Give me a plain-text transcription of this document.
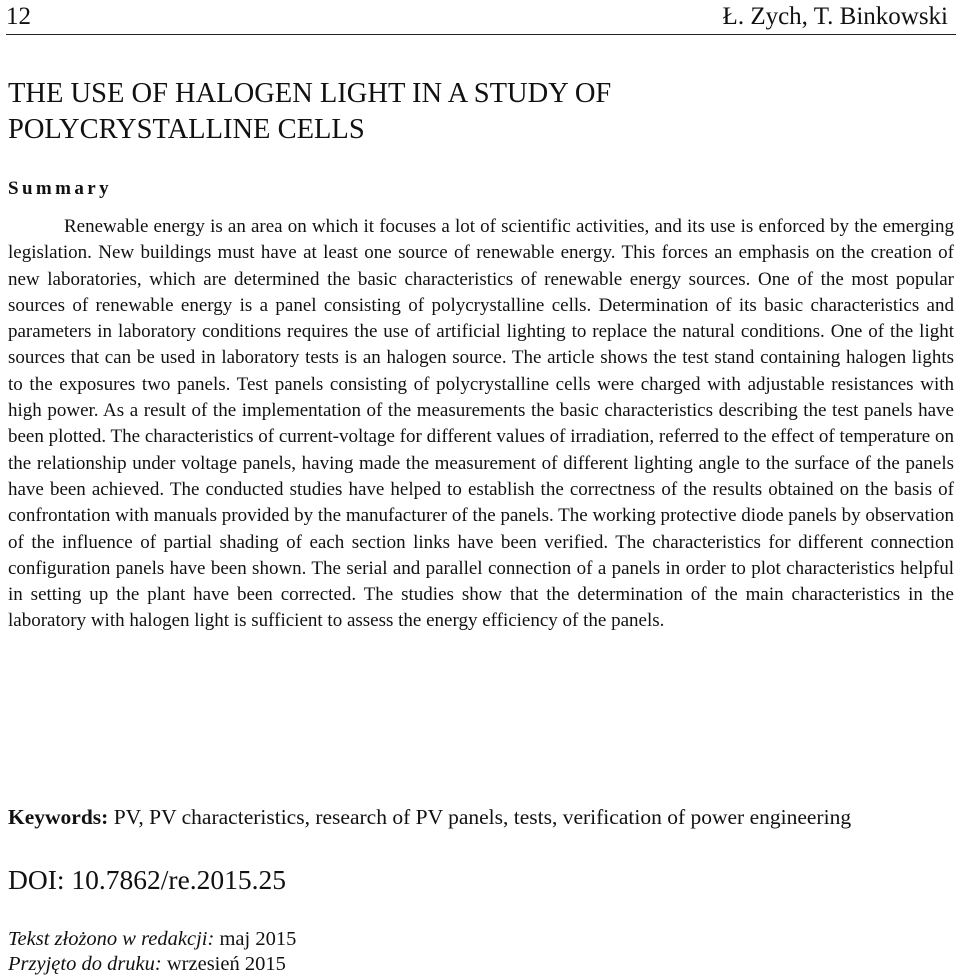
12	Ł. Zych, T. Binkowski
THE USE OF HALOGEN LIGHT IN A STUDY OF
POLYCRYSTALLINE CELLS
Summary

Renewable energy is an area on which it focuses a lot of scientific activities, and its use is enforced by the emerging legislation. New buildings must have at least one source of renewable energy. This forces an emphasis on the creation of new laboratories, which are determined the basic characteristics of renewable energy sources. One of the most popular sources of renewable energy is a panel consisting of polycrystalline cells. Determination of its basic characteristics and parameters in laboratory conditions requires the use of artificial lighting to replace the natural conditions. One of the light sources that can be used in laboratory tests is an halogen source. The article shows the test stand containing halogen lights to the exposures two panels. Test panels consisting of polycrystalline cells were charged with adjustable resistances with high power. As a result of the implementation of the measurements the basic characteristics describing the test panels have been plotted. The characteristics of current-voltage for different values of irradiation, referred to the effect of temperature on the relationship under voltage panels, having made the measurement of different lighting angle to the surface of the panels have been achieved. The conducted studies have helped to establish the correctness of the results obtained on the basis of confrontation with manuals provided by the manufacturer of the panels. The working protective diode panels by observation of the influence of partial shading of each section links have been verified. The characteristics for different connection configuration panels have been shown. The serial and parallel connection of a panels in order to plot characteristics helpful in setting up the plant have been corrected. The studies show that the determination of the main characteristics in the laboratory with halogen light is sufficient to assess the energy efficiency of the panels.

Keywords: PV, PV characteristics, research of PV panels, tests, verification of power engineering

DOI: 10.7862/re.2015.25

Tekst złożono w redakcji: maj 2015
Przyjęto do druku: wrzesień 2015
